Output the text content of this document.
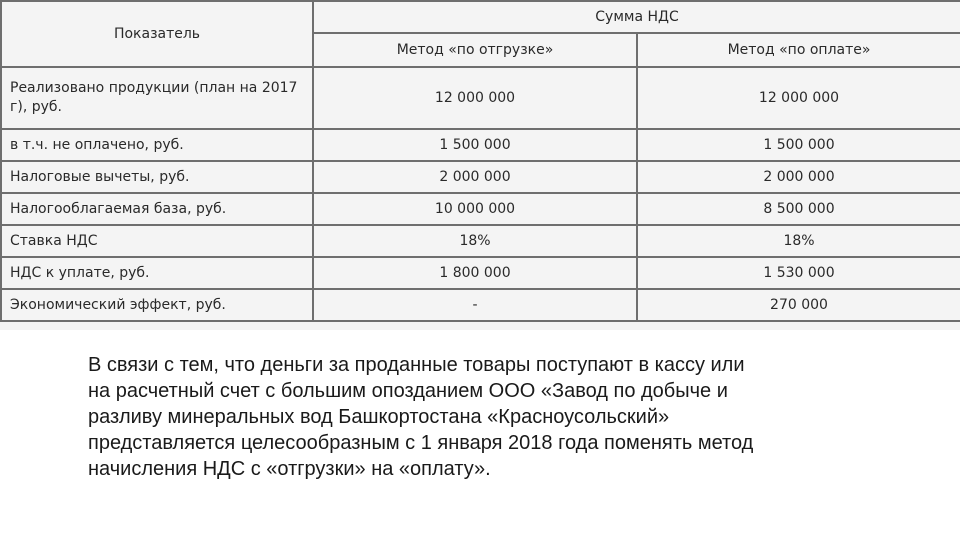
Показатель	Сумма НДС	
	Метод «по отгрузке»	Метод «по оплате»
Реализовано продукции (план на 2017 г), руб.	12 000 000	12 000 000
в т.ч. не оплачено, руб.	1 500 000	1 500 000
Налоговые вычеты, руб.	2 000 000	2 000 000
Налогооблагаемая база, руб.	10 000 000	8 500 000
Ставка НДС	18%	18%
НДС к уплате, руб.	1 800 000	1 530 000
Экономический эффект, руб.	-	270 000
В связи с тем, что деньги за проданные товары поступают в кассу или
на расчетный счет с большим опозданием ООО «Завод по добыче и
разливу минеральных вод Башкортостана «Красноусольский»
представляется целесообразным с 1 января 2018 года поменять метод
начисления НДС с «отгрузки» на «оплату».
